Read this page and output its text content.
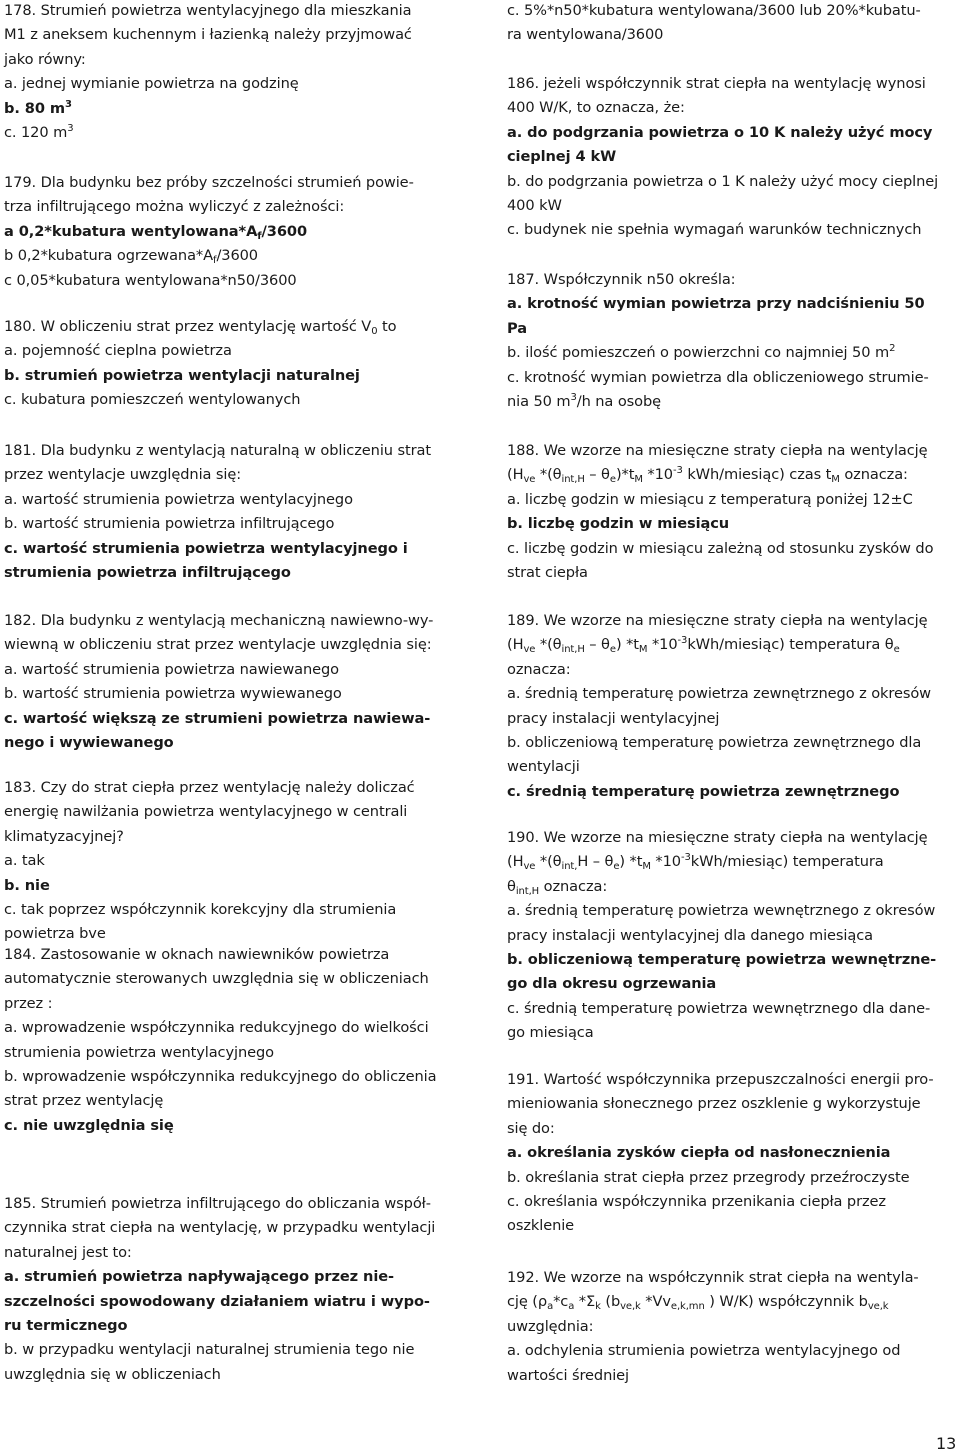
178. Strumień powietrza wentylacyjnego dla mieszkania
M1 z aneksem kuchennym i łazienką należy przyjmować
jako równy:
a. jednej wymianie powietrza na godzinę
b. 80 $m^3$
c. 120 $m^3$
179. Dla budynku bez próby szczelności strumień powie-
trza infiltrującego można wyliczyć z zależności:
a 0,2*kubatura $wentylowana*A_f/3600$
b 0,2*kubatura $ogrzewana*A_f/3600$
c 0,05*kubatura wentylowana*n50/3600
180. W obliczeniu strat przez wentylację wartość $V_0$ to
a. pojemność cieplna powietrza
b. strumień powietrza wentylacji naturalnej
c. kubatura pomieszczeń wentylowanych
181. Dla budynku z wentylacją naturalną w obliczeniu strat
przez wentylacje uwzględnia się:
a. wartość strumienia powietrza wentylacyjnego
b. wartość strumienia powietrza infiltrującego
c. wartość strumienia powietrza wentylacyjnego i
strumienia powietrza infiltrującego
182. Dla budynku z wentylacją mechaniczną nawiewno-wy-
wiewną w obliczeniu strat przez wentylacje uwzględnia się:
a. wartość strumienia powietrza nawiewanego
b. wartość strumienia powietrza wywiewanego
c. wartość większą ze strumieni powietrza nawiewa-
nego i wywiewanego
183. Czy do strat ciepła przez wentylację należy doliczać
energię nawilżania powietrza wentylacyjnego w centrali
klimatyzacyjnej?
a. tak
b. nie
c. tak poprzez współczynnik korekcyjny dla strumienia
powietrza bve
184. Zastosowanie w oknach nawiewników powietrza
automatycznie sterowanych uwzględnia się w obliczeniach
przez :
a. wprowadzenie współczynnika redukcyjnego do wielkości
strumienia powietrza wentylacyjnego
b. wprowadzenie współczynnika redukcyjnego do obliczenia
strat przez wentylację
c. nie uwzględnia się
185. Strumień powietrza infiltrującego do obliczania współ-
czynnika strat ciepła na wentylację, w przypadku wentylacji
naturalnej jest to:
a. strumień powietrza napływającego przez nie-
szczelności spowodowany działaniem wiatru i wypo-
ru termicznego
b. w przypadku wentylacji naturalnej strumienia tego nie
uwzględnia się w obliczeniach
c. 5%*n50*kubatura wentylowana/3600 lub 20%*kubatu-
ra wentylowana/3600
186. jeżeli współczynnik strat ciepła na wentylację wynosi
400 W/K, to oznacza, że:
a. do podgrzania powietrza o 10 K należy użyć mocy
cieplnej 4 kW
b. do podgrzania powietrza o 1 K należy użyć mocy cieplnej
400 kW
c. budynek nie spełnia wymagań warunków technicznych
187. Współczynnik n50 określa:
a. krotność wymian powietrza przy nadciśnieniu 50
Pa
b. ilość pomieszczeń o powierzchni co najmniej 50 $m^2$
c. krotność wymian powietrza dla obliczeniowego strumie-
nia 50 $m^3/h$ na osobę
188. We wzorze na miesięczne straty ciepła na wentylację
($H_{ve}$ $*(\theta_{int,H} - \theta_e)*t_M$ $*10^{-3}$ kWh/miesiąc) czas $t_M$ oznacza:
a. liczbę godzin w miesiącu z temperaturą poniżej 12±C
b. liczbę godzin w miesiącu
c. liczbę godzin w miesiącu zależną od stosunku zysków do
strat ciepła
189. We wzorze na miesięczne straty ciepła na wentylację
($H_{ve}$ $*(\theta_{int,H} - \theta_e)$ $*t_M$ $*10^{-3}kWh/miesiąc$) temperatura $\theta_e$
oznacza:
a. średnią temperaturę powietrza zewnętrznego z okresów
pracy instalacji wentylacyjnej
b. obliczeniową temperaturę powietrza zewnętrznego dla
wentylacji
c. średnią temperaturę powietrza zewnętrznego
190. We wzorze na miesięczne straty ciepła na wentylację
($H_{ve}$ $*(\theta_{int,}H - \theta_e)$ $*t_M$ $*10^{-3}kWh/miesiąc$) temperatura
$\theta_{int,H}$ oznacza:
a. średnią temperaturę powietrza wewnętrznego z okresów
pracy instalacji wentylacyjnej dla danego miesiąca
b. obliczeniową temperaturę powietrza wewnętrzne-
go dla okresu ogrzewania
c. średnią temperaturę powietrza wewnętrznego dla dane-
go miesiąca
191. Wartość współczynnika przepuszczalności energii pro-
mieniowania słonecznego przez oszklenie g wykorzystuje
się do:
a. określania zysków ciepła od nasłonecznienia
b. określania strat ciepła przez przegrody przeźroczyste
c. określania współczynnika przenikania ciepła przez
oszklenie
192. We wzorze na współczynnik strat ciepła na wentyla-
cję ($\rho_a*c_a$ $*\Sigma_k$ ($b_{ve,k}$ $*Vv_{e,k,mn}$ ) W/K) współczynnik $b_{ve,k}$
uwzględnia:
a. odchylenia strumienia powietrza wentylacyjnego od
wartości średniej
13
